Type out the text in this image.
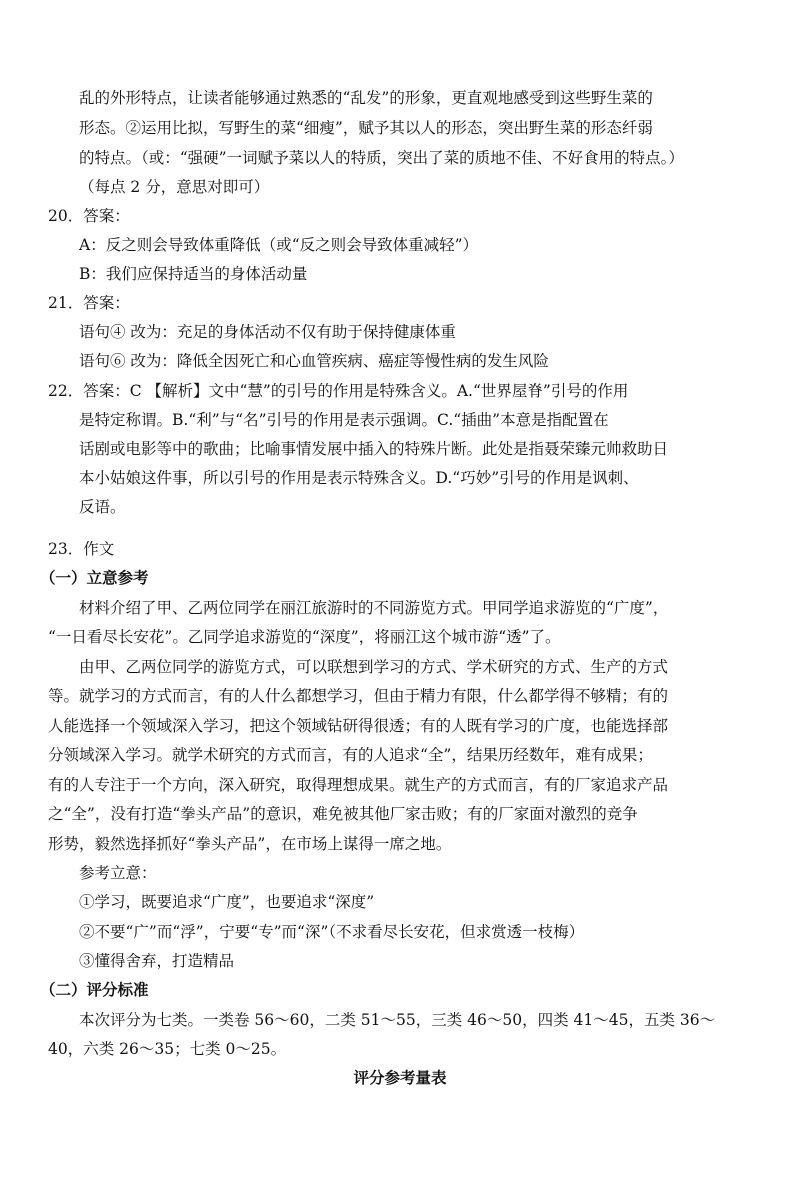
乱的外形特点，让读者能够通过熟悉的“乱发”的形象，更直观地感受到这些野生菜的
形态。②运用比拟，写野生的菜“细瘦”，赋予其以人的形态，突出野生菜的形态纤弱
的特点。（或：“强硬”一词赋予菜以人的特质，突出了菜的质地不佳、不好食用的特点。）
（每点 2 分，意思对即可）
20．答案：
A：反之则会导致体重降低（或“反之则会导致体重减轻”）
B：我们应保持适当的身体活动量
21．答案：
语句④ 改为：充足的身体活动不仅有助于保持健康体重
语句⑥ 改为：降低全因死亡和心血管疾病、癌症等慢性病的发生风险
22．答案：C 【解析】文中“慧”的引号的作用是特殊含义。A.“世界屋脊”引号的作用
是特定称谓。B.“利”与“名”引号的作用是表示强调。C.“插曲”本意是指配置在
话剧或电影等中的歌曲；比喻事情发展中插入的特殊片断。此处是指聂荣臻元帅救助日
本小姑娘这件事，所以引号的作用是表示特殊含义。D.“巧妙”引号的作用是讽刺、
反语。
23．作文
（一）立意参考
材料介绍了甲、乙两位同学在丽江旅游时的不同游览方式。甲同学追求游览的“广度”，
“一日看尽长安花”。乙同学追求游览的“深度”，将丽江这个城市游“透”了。
由甲、乙两位同学的游览方式，可以联想到学习的方式、学术研究的方式、生产的方式
等。就学习的方式而言，有的人什么都想学习，但由于精力有限，什么都学得不够精；有的
人能选择一个领域深入学习，把这个领域钻研得很透；有的人既有学习的广度，也能选择部
分领域深入学习。就学术研究的方式而言，有的人追求“全”，结果历经数年，难有成果；
有的人专注于一个方向，深入研究，取得理想成果。就生产的方式而言，有的厂家追求产品
之“全”，没有打造“拳头产品”的意识，难免被其他厂家击败；有的厂家面对激烈的竞争
形势，毅然选择抓好“拳头产品”，在市场上谋得一席之地。
参考立意：
①学习，既要追求“广度”，也要追求“深度”
②不要“广”而“浮”，宁要“专”而“深”（不求看尽长安花，但求赏透一枝梅）
③懂得舍弃，打造精品
（二）评分标准
本次评分为七类。一类卷 56～60，二类 51～55，三类 46～50，四类 41～45，五类 36～
40，六类 26～35；七类 0～25。
评分参考量表
